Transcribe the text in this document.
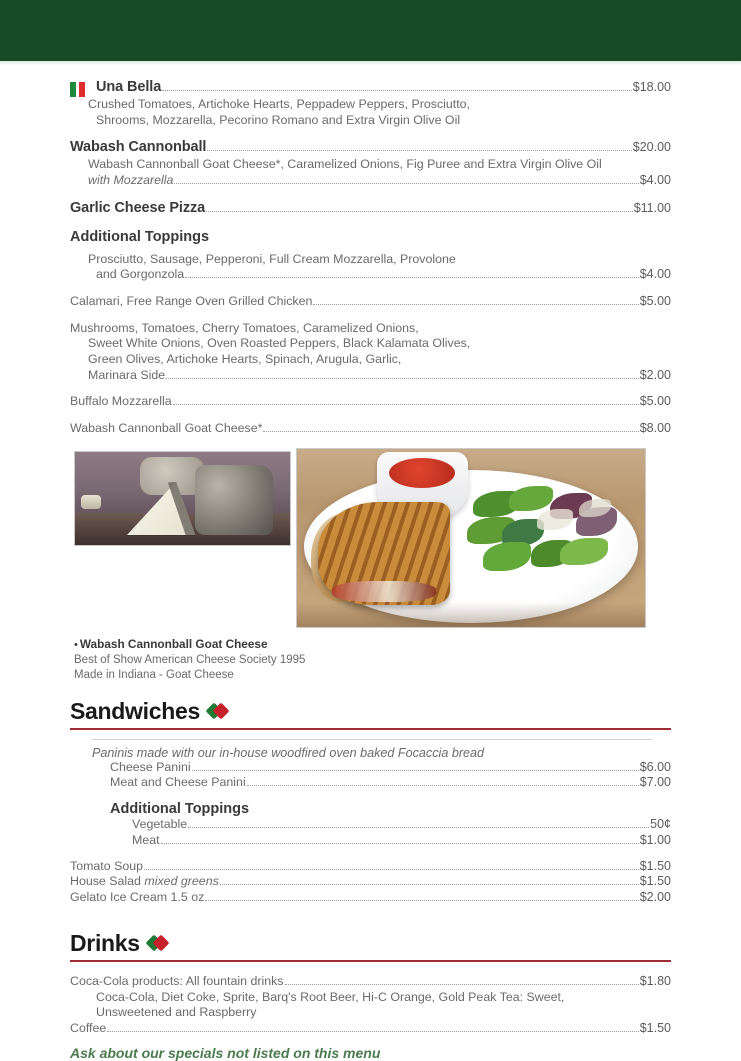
Una Bella	$18.00
Crushed Tomatoes, Artichoke Hearts, Peppadew Peppers, Prosciutto,
Shrooms, Mozzarella, Pecorino Romano and Extra Virgin Olive Oil
Wabash Cannonball	$20.00
Wabash Cannonball Goat Cheese*, Caramelized Onions, Fig Puree and Extra Virgin Olive Oil
with Mozzarella	$4.00
Garlic Cheese Pizza	$11.00
Additional Toppings
Prosciutto, Sausage, Pepperoni, Full Cream Mozzarella, Provolone
and Gorgonzola	$4.00
Calamari, Free Range Oven Grilled Chicken	$5.00
Mushrooms, Tomatoes, Cherry Tomatoes, Caramelized Onions,
Sweet White Onions, Oven Roasted Peppers, Black Kalamata Olives,
Green Olives, Artichoke Hearts, Spinach, Arugula, Garlic,
Marinara Side	$2.00
Buffalo Mozzarella	$5.00
Wabash Cannonball Goat Cheese*	$8.00
• Wabash Cannonball Goat Cheese
Best of Show American Cheese Society 1995
Made in Indiana - Goat Cheese
Sandwiches
Paninis made with our in-house woodfired oven baked Focaccia bread
Cheese Panini	$6.00
Meat and Cheese Panini	$7.00
Additional Toppings
Vegetable	50¢
Meat	$1.00
Tomato Soup	$1.50
House Salad mixed greens	$1.50
Gelato Ice Cream 1.5 oz	$2.00
Drinks
Coca-Cola products: All fountain drinks	$1.80
Coca-Cola, Diet Coke, Sprite, Barq's Root Beer, Hi-C Orange, Gold Peak Tea: Sweet,
Unsweetened and Raspberry
Coffee	$1.50
Ask about our specials not listed on this menu
